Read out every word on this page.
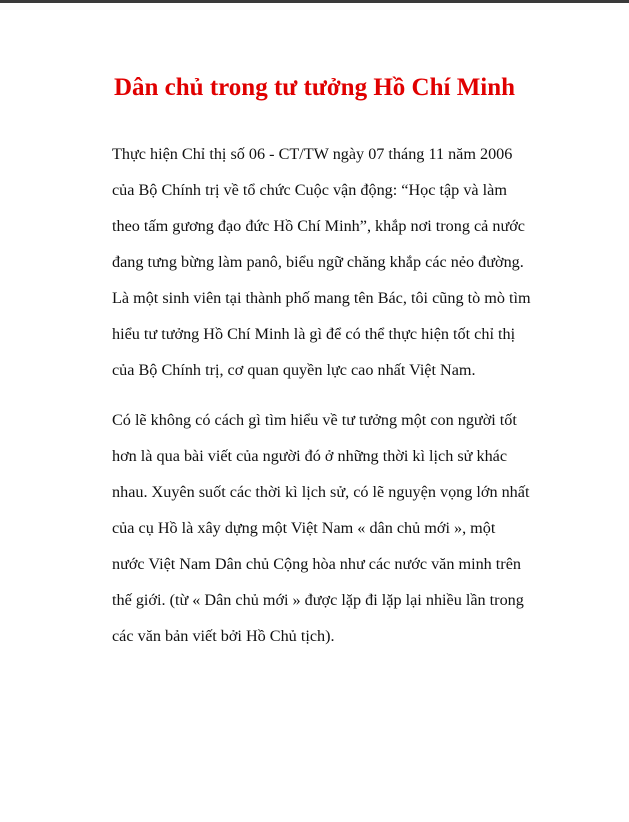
Dân chủ trong tư tưởng Hồ Chí Minh
Thực hiện Chỉ thị số 06 - CT/TW ngày 07 tháng 11 năm 2006
của Bộ Chính trị về tổ chức Cuộc vận động: “Học tập và làm
theo tấm gương đạo đức Hồ Chí Minh”, khắp nơi trong cả nước
đang tưng bừng làm panô, biểu ngữ chăng khắp các nẻo đường.
Là một sinh viên tại thành phố mang tên Bác, tôi cũng tò mò tìm
hiểu tư tưởng Hồ Chí Minh là gì để có thể thực hiện tốt chỉ thị
của Bộ Chính trị, cơ quan quyền lực cao nhất Việt Nam.
Có lẽ không có cách gì tìm hiểu về tư tưởng một con người tốt
hơn là qua bài viết của người đó ở những thời kì lịch sử khác
nhau. Xuyên suốt các thời kì lịch sử, có lẽ nguyện vọng lớn nhất
của cụ Hồ là xây dựng một Việt Nam « dân chủ mới », một
nước Việt Nam Dân chủ Cộng hòa như các nước văn minh trên
thế giới. (từ « Dân chủ mới » được lặp đi lặp lại nhiều lần trong
các văn bản viết bởi Hồ Chủ tịch).
